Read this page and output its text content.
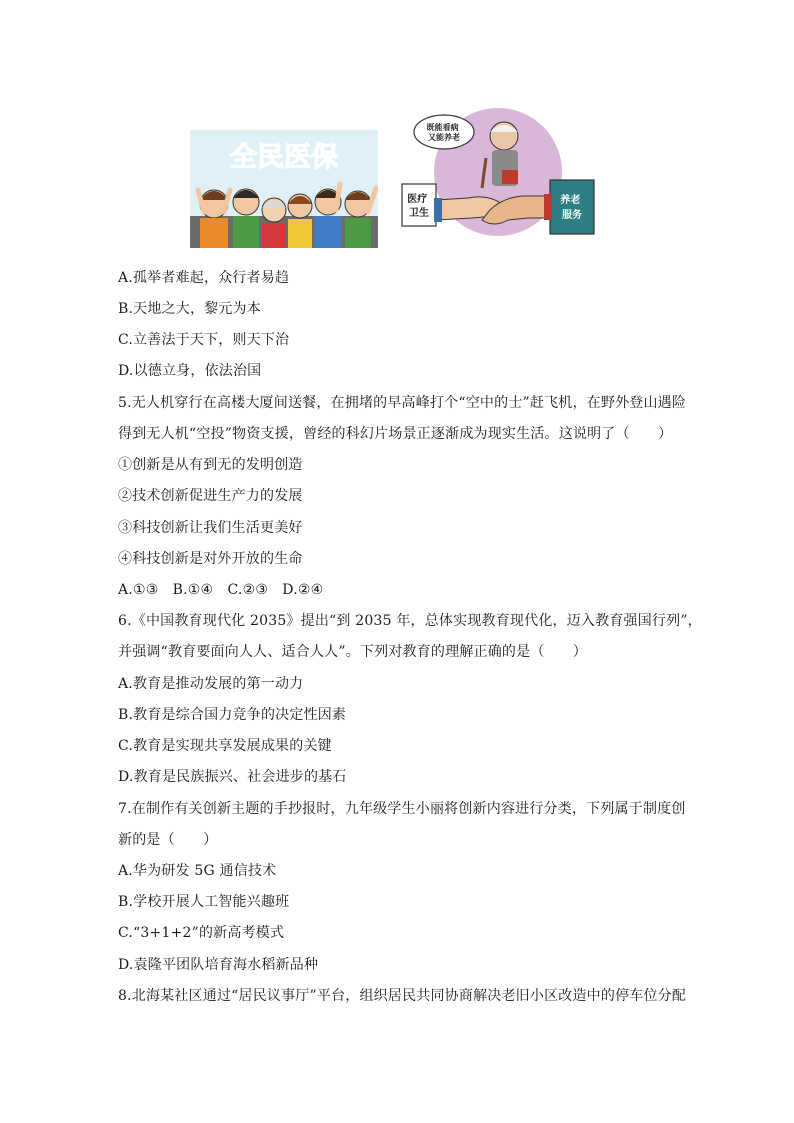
全民医保
既能看病 又能养老
医疗 卫生
养老 服务
A.孤举者难起，众行者易趋
B.天地之大，黎元为本
C.立善法于天下，则天下治
D.以德立身，依法治国
5.无人机穿行在高楼大厦间送餐，在拥堵的早高峰打个“空中的士”赶飞机，在野外登山遇险
得到无人机“空投”物资支援，曾经的科幻片场景正逐渐成为现实生活。这说明了（　　）
①创新是从有到无的发明创造
②技术创新促进生产力的发展
③科技创新让我们生活更美好
④科技创新是对外开放的生命
A.①③　B.①④　C.②③　D.②④
6.《中国教育现代化 2035》提出“到 2035 年，总体实现教育现代化，迈入教育强国行列”，
并强调“教育要面向人人、适合人人”。下列对教育的理解正确的是（　　）
A.教育是推动发展的第一动力
B.教育是综合国力竞争的决定性因素
C.教育是实现共享发展成果的关键
D.教育是民族振兴、社会进步的基石
7.在制作有关创新主题的手抄报时，九年级学生小丽将创新内容进行分类，下列属于制度创
新的是（　　）
A.华为研发 5G 通信技术
B.学校开展人工智能兴趣班
C.“3+1+2”的新高考模式
D.袁隆平团队培育海水稻新品种
8.北海某社区通过“居民议事厅”平台，组织居民共同协商解决老旧小区改造中的停车位分配
